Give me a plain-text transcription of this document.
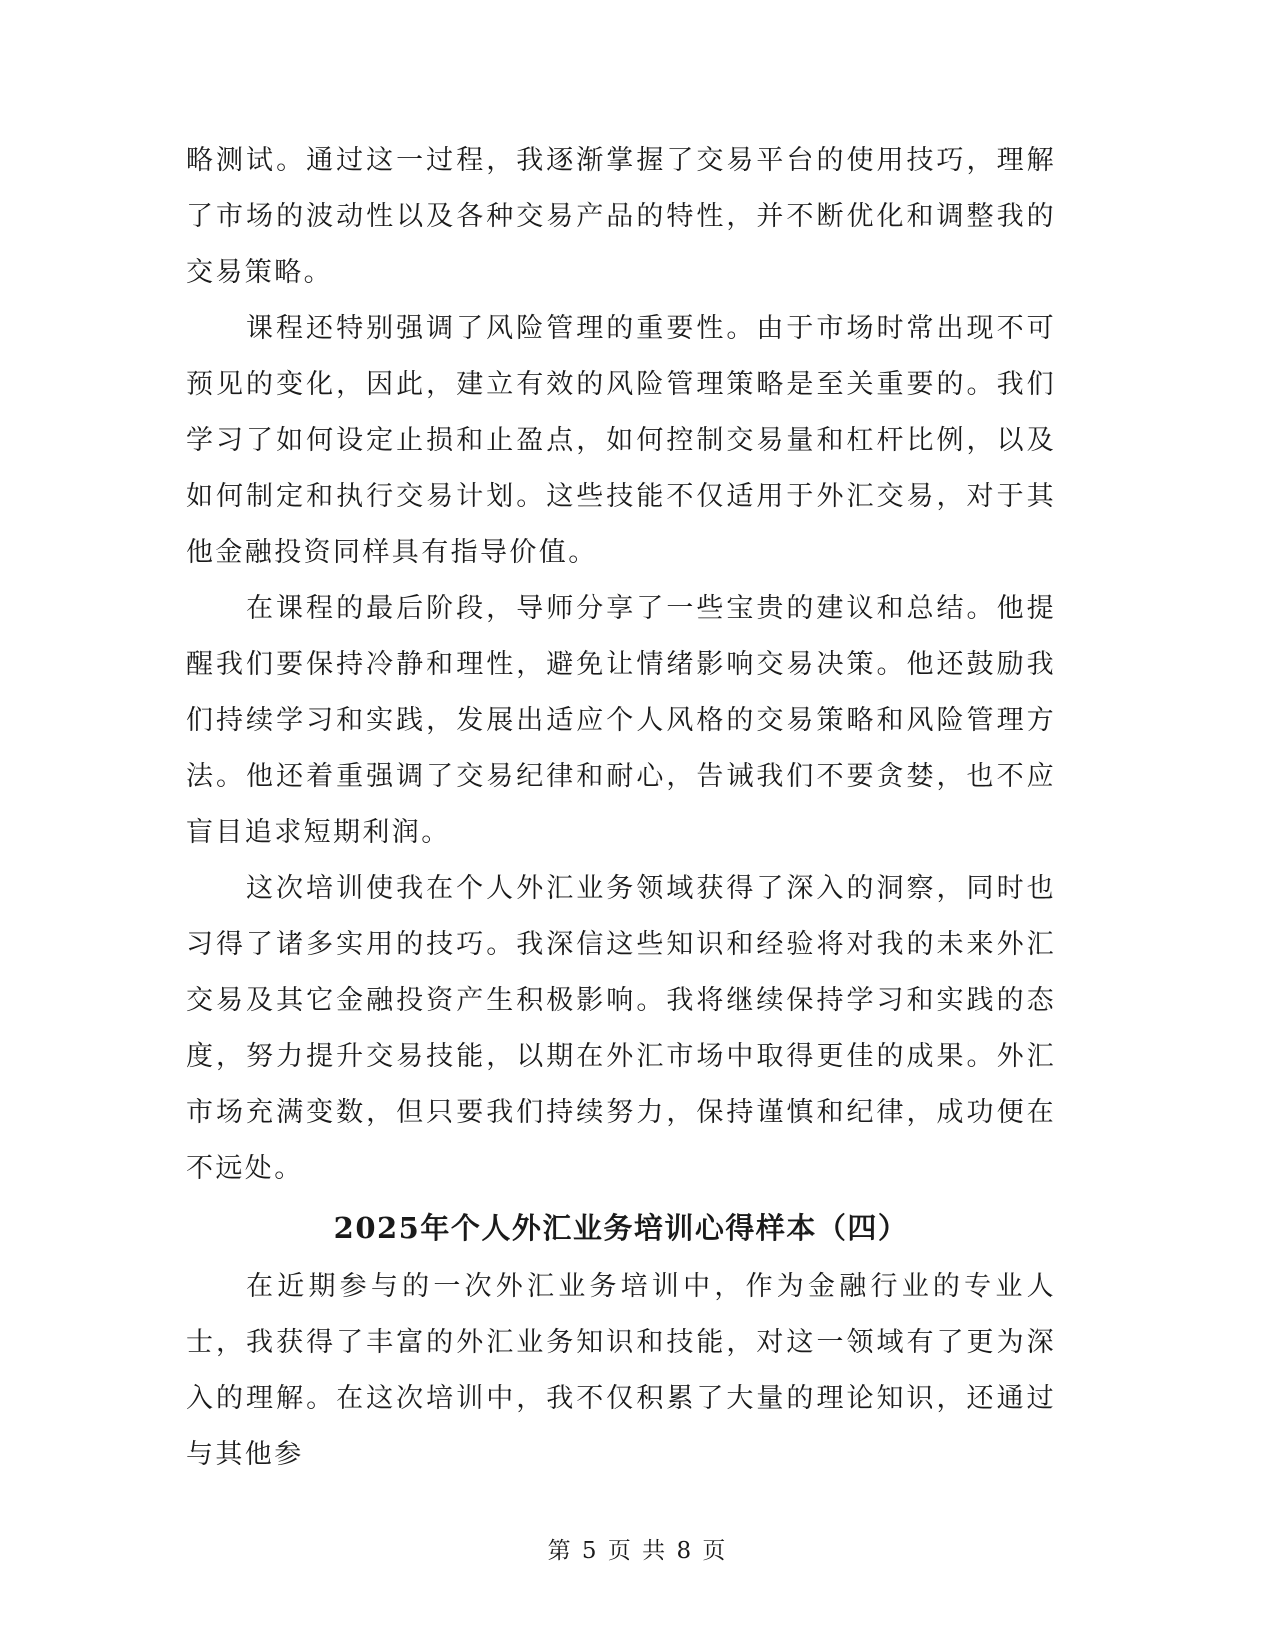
略测试。通过这一过程，我逐渐掌握了交易平台的使用技巧，理解了市场的波动性以及各种交易产品的特性，并不断优化和调整我的交易策略。

课程还特别强调了风险管理的重要性。由于市场时常出现不可预见的变化，因此，建立有效的风险管理策略是至关重要的。我们学习了如何设定止损和止盈点，如何控制交易量和杠杆比例，以及如何制定和执行交易计划。这些技能不仅适用于外汇交易，对于其他金融投资同样具有指导价值。

在课程的最后阶段，导师分享了一些宝贵的建议和总结。他提醒我们要保持冷静和理性，避免让情绪影响交易决策。他还鼓励我们持续学习和实践，发展出适应个人风格的交易策略和风险管理方法。他还着重强调了交易纪律和耐心，告诫我们不要贪婪，也不应盲目追求短期利润。

这次培训使我在个人外汇业务领域获得了深入的洞察，同时也习得了诸多实用的技巧。我深信这些知识和经验将对我的未来外汇交易及其它金融投资产生积极影响。我将继续保持学习和实践的态度，努力提升交易技能，以期在外汇市场中取得更佳的成果。外汇市场充满变数，但只要我们持续努力，保持谨慎和纪律，成功便在不远处。

2025年个人外汇业务培训心得样本（四）

在近期参与的一次外汇业务培训中，作为金融行业的专业人士，我获得了丰富的外汇业务知识和技能，对这一领域有了更为深入的理解。在这次培训中，我不仅积累了大量的理论知识，还通过与其他参

第 5 页 共 8 页
